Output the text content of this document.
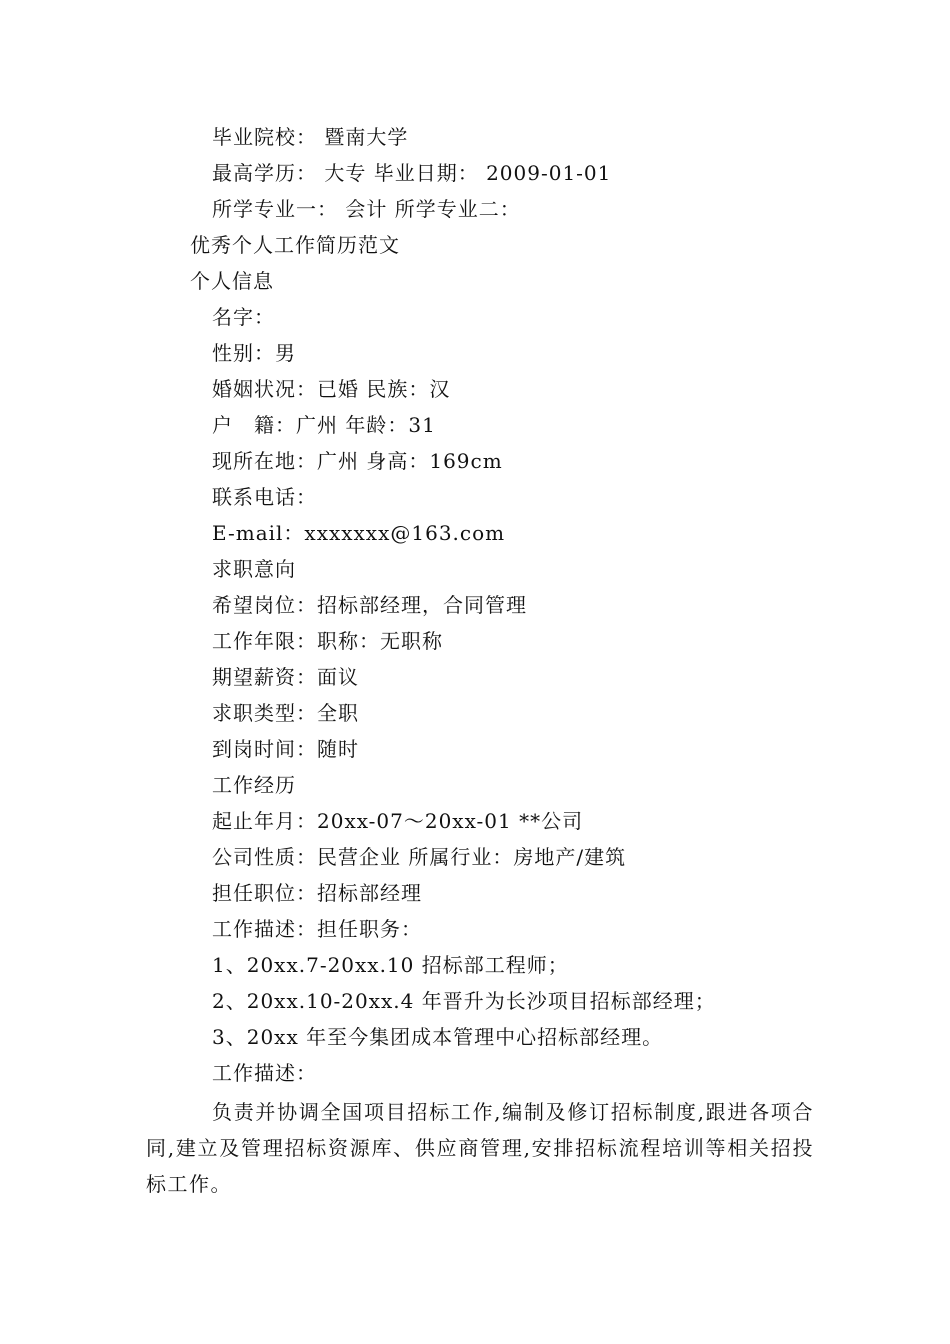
毕业院校： 暨南大学
最高学历： 大专 毕业日期： 2009-01-01
所学专业一： 会计 所学专业二：
优秀个人工作简历范文
个人信息
名字：
性别：男
婚姻状况：已婚 民族：汉
户　籍：广州 年龄：31
现所在地：广州 身高：169cm
联系电话：
E-mail：xxxxxxx@163.com
求职意向
希望岗位：招标部经理，合同管理
工作年限：职称：无职称
期望薪资：面议
求职类型：全职
到岗时间：随时
工作经历
起止年月：20xx-07～20xx-01 **公司
公司性质：民营企业 所属行业：房地产/建筑
担任职位：招标部经理
工作描述：担任职务：
1、20xx.7-20xx.10 招标部工程师；
2、20xx.10-20xx.4 年晋升为长沙项目招标部经理；
3、20xx 年至今集团成本管理中心招标部经理。
工作描述：
负责并协调全国项目招标工作,编制及修订招标制度,跟进各项合同,建立及管理招标资源库、供应商管理,安排招标流程培训等相关招投标工作。
